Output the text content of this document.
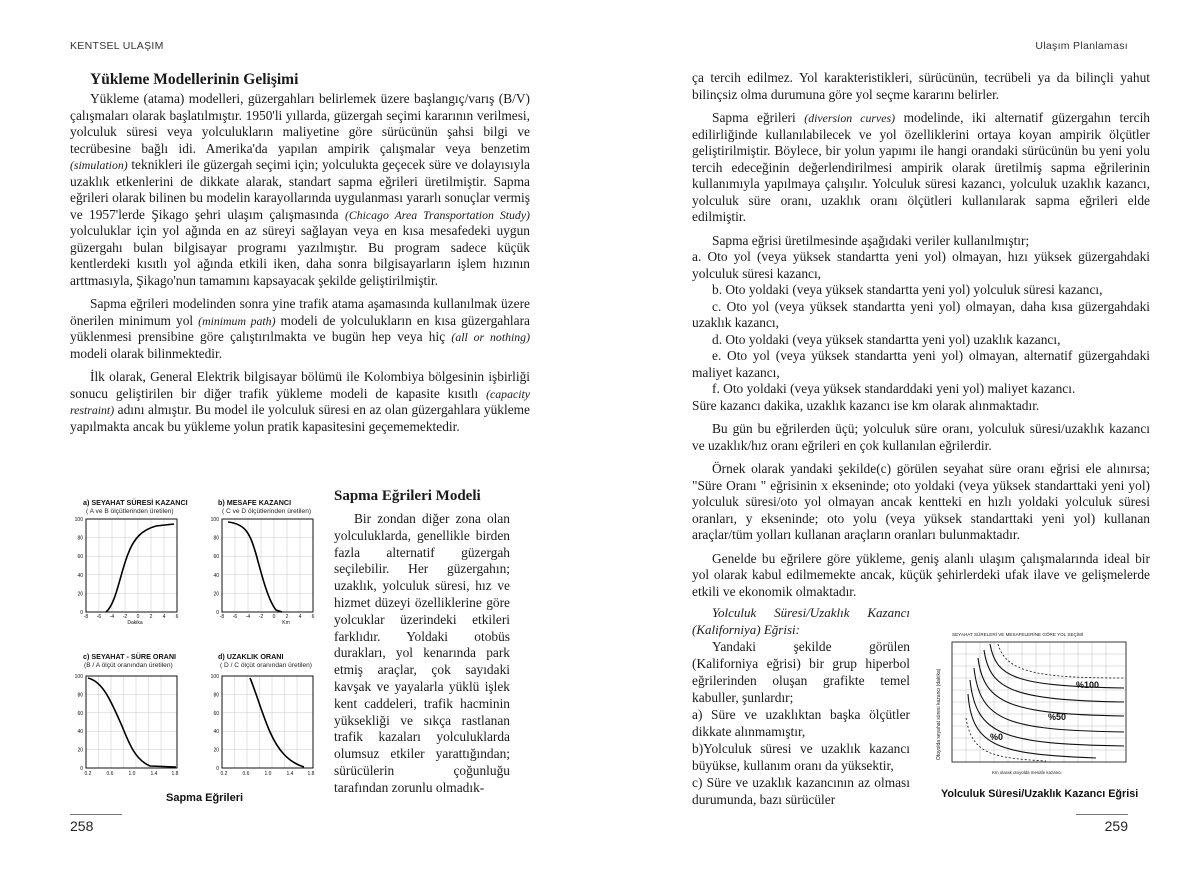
KENTSEL ULAŞIM
Yükleme Modellerinin Gelişimi

Yükleme (atama) modelleri, güzergahları belirlemek üzere başlangıç/varış (B/V) çalışmaları olarak başlatılmıştır. 1950'li yıllarda, güzergah seçimi kararının verilmesi, yolculuk süresi veya yolculukların maliyetine göre sürücünün şahsi bilgi ve tecrübesine bağlı idi. Amerika'da yapılan ampirik çalışmalar veya benzetim (simulation) teknikleri ile güzergah seçimi için; yolculukta geçecek süre ve dolayısıyla uzaklık etkenlerini de dikkate alarak, standart sapma eğrileri üretilmiştir. Sapma eğrileri olarak bilinen bu modelin karayollarında uygulanması yararlı sonuçlar vermiş ve 1957'lerde Şikago şehri ulaşım çalışmasında (Chicago Area Transportation Study) yolculuklar için yol ağında en az süreyi sağlayan veya en kısa mesafedeki uygun güzergahı bulan bilgisayar programı yazılmıştır. Bu program sadece küçük kentlerdeki kısıtlı yol ağında etkili iken, daha sonra bilgisayarların işlem hızının arttmasıyla, Şikago'nun tamamını kapsayacak şekilde geliştirilmiştir.

Sapma eğrileri modelinden sonra yine trafik atama aşamasında kullanılmak üzere önerilen minimum yol (minimum path) modeli de yolculukların en kısa güzergahlara yüklenmesi prensibine göre çalıştırılmakta ve bugün hep veya hiç (all or nothing) modeli olarak bilinmektedir.

İlk olarak, General Elektrik bilgisayar bölümü ile Kolombiya bölgesinin işbirliği sonucu geliştirilen bir diğer trafik yükleme modeli de kapasite kısıtlı (capacity restraint) adını almıştır. Bu model ile yolculuk süresi en az olan güzergahlara yükleme yapılmakta ancak bu yükleme yolun pratik kapasitesini geçememektedir.

a) SEYAHAT SÜRESİ KAZANCI
( A ve B ölçütlerinden üretilen)
100
80
60
40
20
0
-8 -6 -4 -2 0 2 4 6
Dakika
b) MESAFE KAZANCI
( C ve D ölçütlerinden üretilen)
100
80
60
40
20
0
-8 -6 -4 -2 0 2 4 6
Km
c) SEYAHAT - SÜRE ORANI
(B / A ölçüt oranından üretilen)
100
80
60
40
20
0
0.2	0.6	1.0	1.4	1.8
d) UZAKLIK ORANI
( D / C ölçüt oranından üretilen)
100
80
60
40
20
0
0.2	0.6	1.0	1.4	1.8
Sapma Eğrileri
Sapma Eğrileri Modeli

Bir zondan diğer zona olan yolculuklarda, genellikle birden fazla alternatif güzergah seçilebilir. Her güzergahın; uzaklık, yolculuk süresi, hız ve hizmet düzeyi özelliklerine göre yolcuklar üzerindeki etkileri farklıdır. Yoldaki otobüs durakları, yol kenarında park etmiş araçlar, çok sayıdaki kavşak ve yayalarla yüklü işlek kent caddeleri, trafik hacminin yüksekliği ve sıkça rastlanan trafik kazaları yolculuklarda olumsuz etkiler yarattığından; sürücülerin çoğunluğu tarafından zorunlu olmadık-

258
Ulaşım Planlaması

ça tercih edilmez. Yol karakteristikleri, sürücünün, tecrübeli ya da bilinçli yahut bilinçsiz olma durumuna göre yol seçme kararını belirler.

Sapma eğrileri (diversion curves) modelinde, iki alternatif güzergahın tercih edilirliğinde kullanılabilecek ve yol özelliklerini ortaya koyan ampirik ölçütler geliştirilmiştir. Böylece, bir yolun yapımı ile hangi orandaki sürücünün bu yeni yolu tercih edeceğinin değerlendirilmesi ampirik olarak üretilmiş sapma eğrilerinin kullanımıyla yapılmaya çalışılır. Yolculuk süresi kazancı, yolculuk uzaklık kazancı, yolculuk süre oranı, uzaklık oranı ölçütleri kullanılarak sapma eğrileri elde edilmiştir.

Sapma eğrisi üretilmesinde aşağıdaki veriler kullanılmıştır;

a. Oto yol (veya yüksek standartta yeni yol) olmayan, hızı yüksek güzergahdaki yolculuk süresi kazancı,

b. Oto yoldaki (veya yüksek standartta yeni yol) yolculuk süresi kazancı,

c. Oto yol (veya yüksek standartta yeni yol) olmayan, daha kısa güzergahdaki uzaklık kazancı,

d. Oto yoldaki (veya yüksek standartta yeni yol) uzaklık kazancı,

e. Oto yol (veya yüksek standartta yeni yol) olmayan, alternatif güzergahdaki maliyet kazancı,

f. Oto yoldaki (veya yüksek standarddaki yeni yol) maliyet kazancı.

Süre kazancı dakika, uzaklık kazancı ise km olarak alınmaktadır.

Bu gün bu eğrilerden üçü; yolculuk süre oranı, yolculuk süresi/uzaklık kazancı ve uzaklık/hız oranı eğrileri en çok kullanılan eğrilerdir.

Örnek olarak yandaki şekilde(c) görülen seyahat süre oranı eğrisi ele alınırsa; "Süre Oranı " eğrisinin x ekseninde; oto yoldaki (veya yüksek standarttaki yeni yol) yolculuk süresi/oto yol olmayan ancak kentteki en hızlı yoldaki yolculuk süresi oranları, y ekseninde; oto yolu (veya yüksek standarttaki yeni yol) kullanan araçlar/tüm yolları kullanan araçların oranları bulunmaktadır.

Genelde bu eğrilere göre yükleme, geniş alanlı ulaşım çalışmalarında ideal bir yol olarak kabul edilmemekte ancak, küçük şehirlerdeki ufak ilave ve gelişmelerde etkili ve ekonomik olmaktadır.

Yolculuk Süresi/Uzaklık Kazancı (Kaliforniya) Eğrisi:

Yandaki şekilde görülen (Kaliforniya eğrisi) bir grup hiperbol eğrilerinden oluşan grafikte temel kabuller, şunlardır;

a) Süre ve uzaklıktan başka ölçütler dikkate alınmamıştır,

b)Yolculuk süresi ve uzaklık kazancı büyükse, kullanım oranı da yüksektir,

c) Süre ve uzaklık kazancının az olması durumunda, bazı sürücüler

SEYAHAT SÜRELERİ VE MESAFELERİNE GÖRE YOL SEÇİMİ
%100
%50
%0
Otoyolda seyahat süresi kazancı (dakika)
Km olarak otoyolda mesafe kazancı
Yolculuk Süresi/Uzaklık Kazancı Eğrisi
259
